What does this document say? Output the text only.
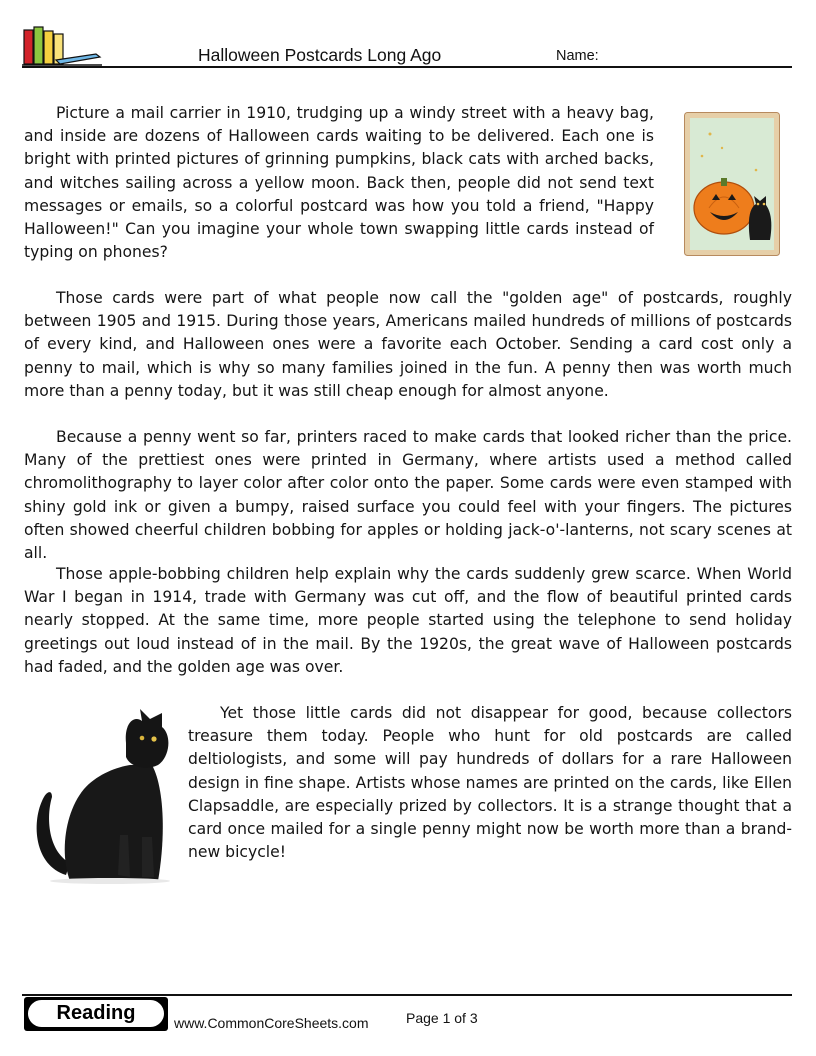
Halloween Postcards Long Ago	Name:

Picture a mail carrier in 1910, trudging up a windy street with a heavy bag, and inside are dozens of Halloween cards waiting to be delivered. Each one is bright with printed pictures of grinning pumpkins, black cats with arched backs, and witches sailing across a yellow moon. Back then, people did not send text messages or emails, so a colorful postcard was how you told a friend, "Happy Halloween!" Can you imagine your whole town swapping little cards instead of typing on phones?

Those cards were part of what people now call the "golden age" of postcards, roughly between 1905 and 1915. During those years, Americans mailed hundreds of millions of postcards of every kind, and Halloween ones were a favorite each October. Sending a card cost only a penny to mail, which is why so many families joined in the fun. A penny then was worth much more than a penny today, but it was still cheap enough for almost anyone.

Because a penny went so far, printers raced to make cards that looked richer than the price. Many of the prettiest ones were printed in Germany, where artists used a method called chromolithography to layer color after color onto the paper. Some cards were even stamped with shiny gold ink or given a bumpy, raised surface you could feel with your fingers. The pictures often showed cheerful children bobbing for apples or holding jack-o'-lanterns, not scary scenes at all.

Those apple-bobbing children help explain why the cards suddenly grew scarce. When World War I began in 1914, trade with Germany was cut off, and the flow of beautiful printed cards nearly stopped. At the same time, more people started using the telephone to send holiday greetings out loud instead of in the mail. By the 1920s, the great wave of Halloween postcards had faded, and the golden age was over.

Yet those little cards did not disappear for good, because collectors treasure them today. People who hunt for old postcards are called deltiologists, and some will pay hundreds of dollars for a rare Halloween design in fine shape. Artists whose names are printed on the cards, like Ellen Clapsaddle, are especially prized by collectors. It is a strange thought that a card once mailed for a single penny might now be worth more than a brand-new bicycle!

Reading	www.CommonCoreSheets.com	Page 1 of 3
